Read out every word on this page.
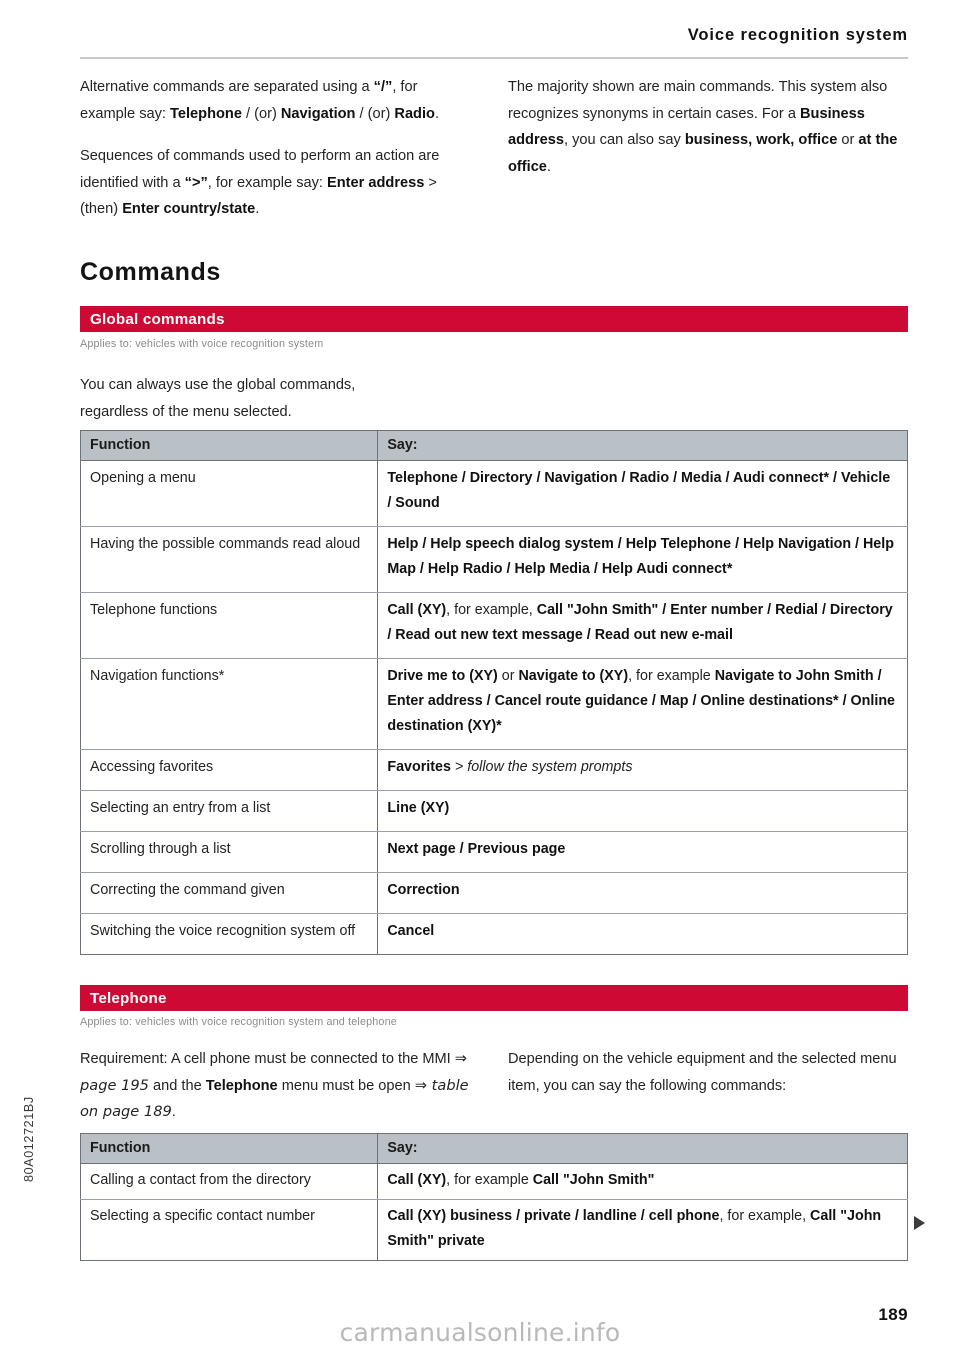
Voice recognition system

Alternative commands are separated using a “/”, for example say: Telephone / (or) Navigation / (or) Radio.

Sequences of commands used to perform an action are identified with a “>”, for example say: Enter address > (then) Enter country/state.

The majority shown are main commands. This system also recognizes synonyms in certain cases. For a Business address, you can also say business, work, office or at the office.

Commands
Global commands
Applies to: vehicles with voice recognition system

You can always use the global commands, regardless of the menu selected.

Function	Say:
Opening a menu	Telephone / Directory / Navigation / Radio / Media / Audi connect* / Vehicle / Sound
Having the possible commands read aloud	Help / Help speech dialog system / Help Telephone / Help Navigation / Help Map / Help Radio / Help Media / Help Audi connect*
Telephone functions	Call (XY), for example, Call "John Smith" / Enter number / Redial / Directory / Read out new text message / Read out new e-mail
Navigation functions*	Drive me to (XY) or Navigate to (XY), for example Navigate to John Smith / Enter address / Cancel route guidance / Map / Online destinations* / Online destination (XY)*
Accessing favorites	Favorites > follow the system prompts
Selecting an entry from a list	Line (XY)
Scrolling through a list	Next page / Previous page
Correcting the command given	Correction
Switching the voice recognition system off	Cancel
Telephone
Applies to: vehicles with voice recognition system and telephone

Requirement: A cell phone must be connected to the MMI ⇒ page 195 and the Telephone menu must be open ⇒ table on page 189.

Depending on the vehicle equipment and the selected menu item, you can say the following commands:

Function	Say:
Calling a contact from the directory	Call (XY), for example Call "John Smith"
Selecting a specific contact number	Call (XY) business / private / landline / cell phone, for example, Call "John Smith" private
80A012721BJ
189
carmanualsonline.info
